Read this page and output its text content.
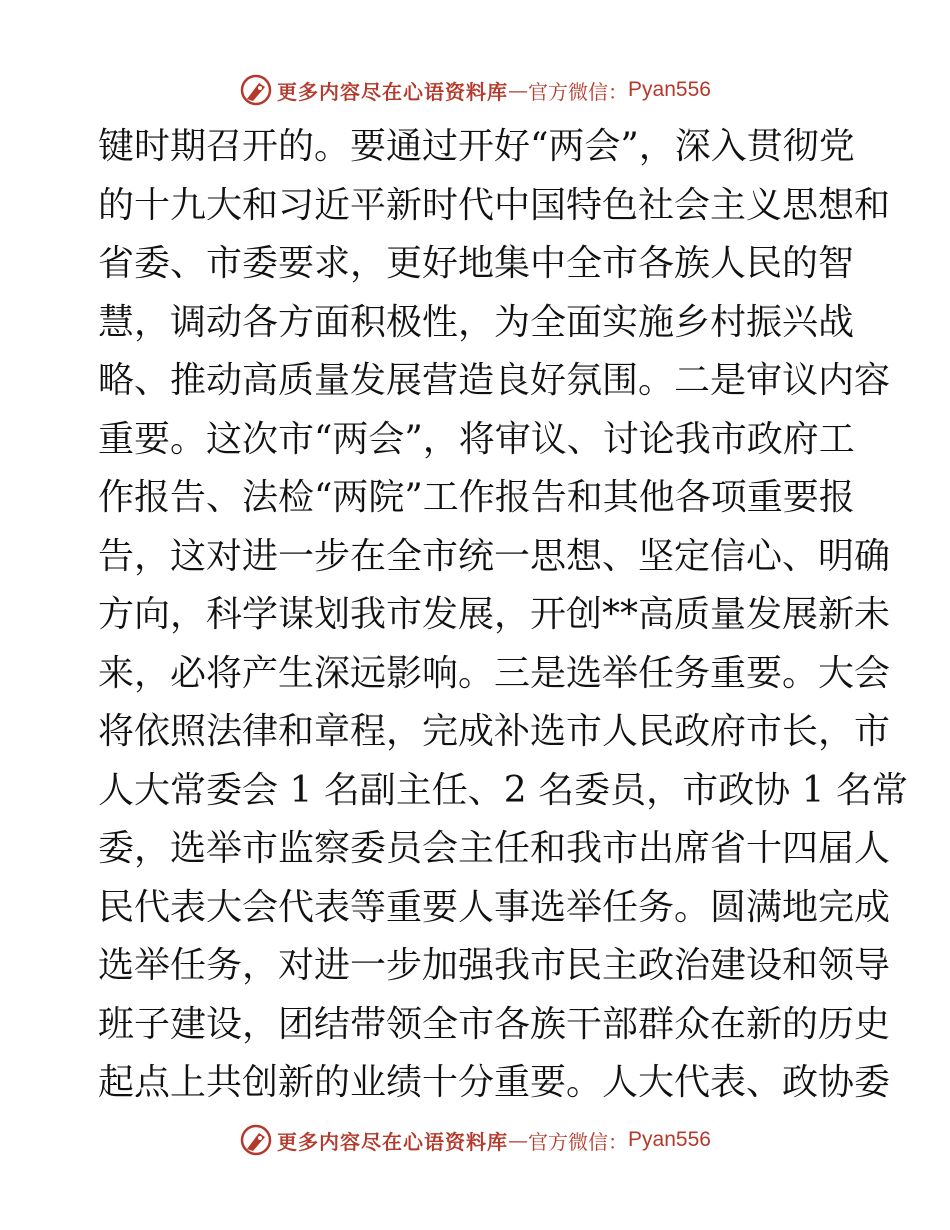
更多内容尽在心语资料库 — 官方微信： Pyan556
键时期召开的。要通过开好“两会”，深入贯彻党
的十九大和习近平新时代中国特色社会主义思想和
省委、市委要求，更好地集中全市各族人民的智
慧，调动各方面积极性，为全面实施乡村振兴战
略、推动高质量发展营造良好氛围。二是审议内容
重要。这次市“两会”，将审议、讨论我市政府工
作报告、法检“两院”工作报告和其他各项重要报
告，这对进一步在全市统一思想、坚定信心、明确
方向，科学谋划我市发展，开创**高质量发展新未
来，必将产生深远影响。三是选举任务重要。大会
将依照法律和章程，完成补选市人民政府市长，市
人大常委会 1 名副主任、2 名委员，市政协 1 名常
委，选举市监察委员会主任和我市出席省十四届人
民代表大会代表等重要人事选举任务。圆满地完成
选举任务，对进一步加强我市民主政治建设和领导
班子建设，团结带领全市各族干部群众在新的历史
起点上共创新的业绩十分重要。人大代表、政协委
更多内容尽在心语资料库 — 官方微信： Pyan556
